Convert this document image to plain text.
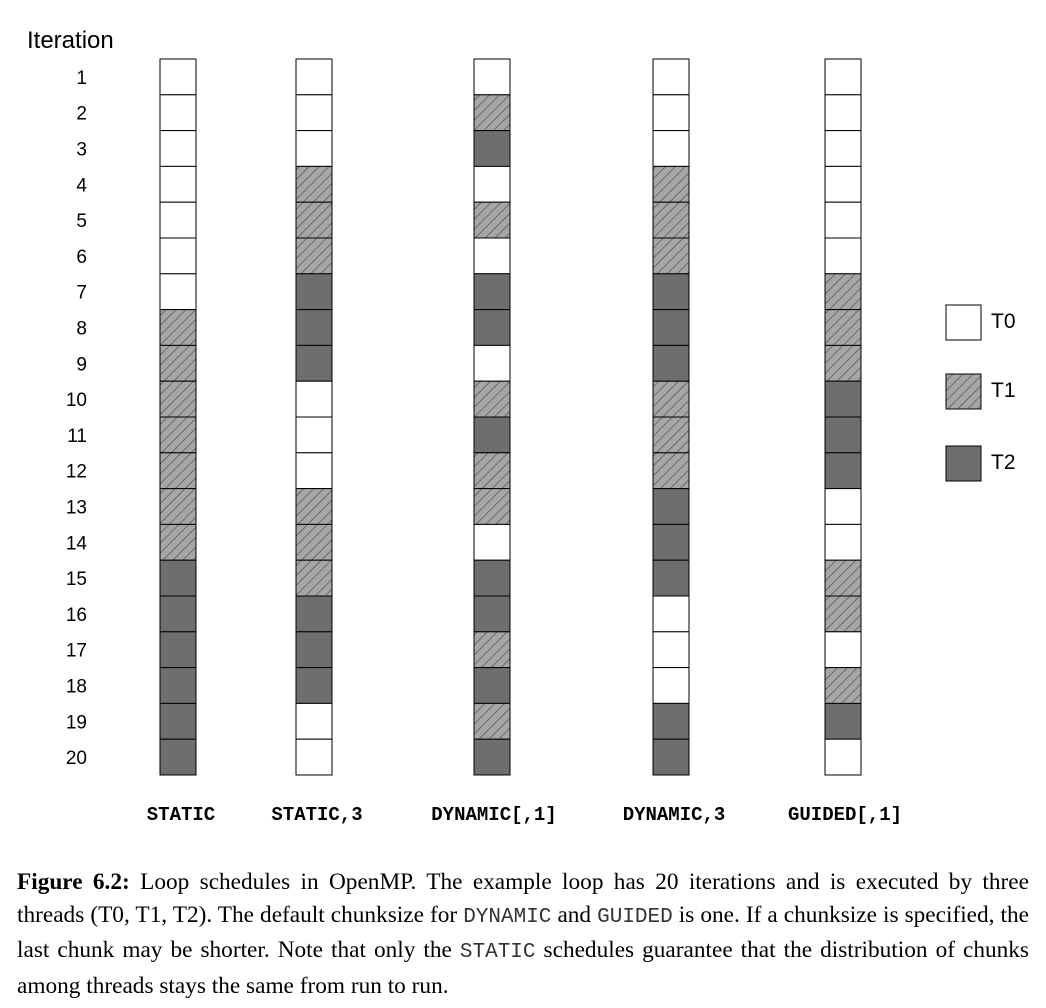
Iteration
1
2
3
4
5
6
7
8
9
10
11
12
13
14
15
16
17
18
19
20
STATIC	STATIC,3	DYNAMIC[,1]	DYNAMIC,3	GUIDED[,1]
T0
T1
T2
Figure 6.2: Loop schedules in OpenMP. The example loop has 20 iterations and is executed by three threads (T0, T1, T2). The default chunksize for DYNAMIC and GUIDED is one. If a chunksize is specified, the last chunk may be shorter. Note that only the STATIC schedules guarantee that the distribution of chunks among threads stays the same from run to run.
